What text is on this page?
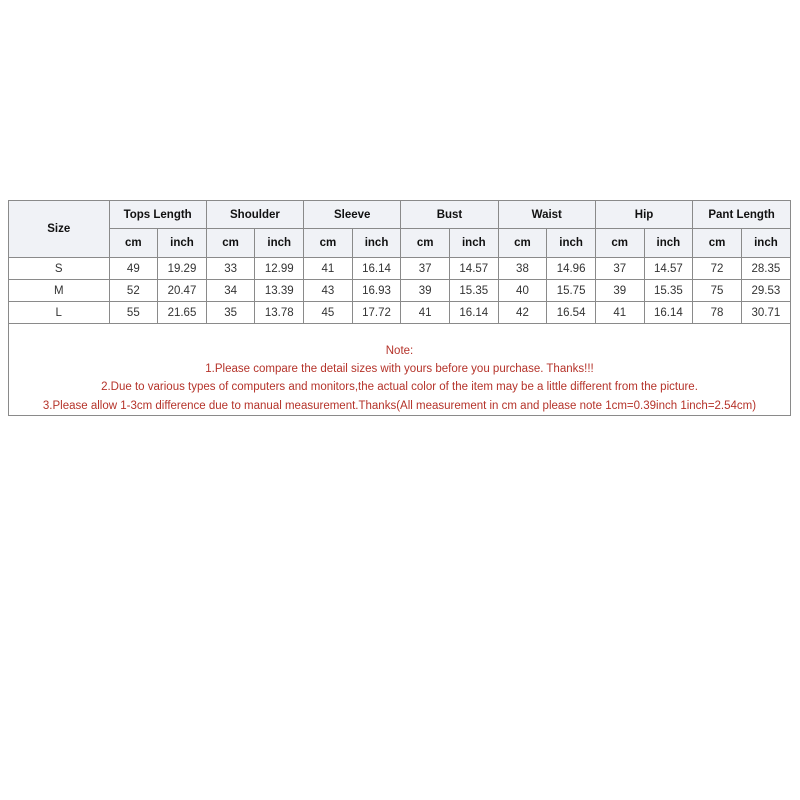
Size	Tops Length		Shoulder		Sleeve		Bust		Waist		Hip		Pant Length	
	cm	inch	cm	inch	cm	inch	cm	inch	cm	inch	cm	inch	cm	inch
S	49	19.29	33	12.99	41	16.14	37	14.57	38	14.96	37	14.57	72	28.35
M	52	20.47	34	13.39	43	16.93	39	15.35	40	15.75	39	15.35	75	29.53
L	55	21.65	35	13.78	45	17.72	41	16.14	42	16.54	41	16.14	78	30.71
Note:
1.Please compare the detail sizes with yours before you purchase. Thanks!!!
2.Due to various types of computers and monitors,the actual color of the item may be a little different from the picture.
3.Please allow 1-3cm difference due to manual measurement.Thanks(All measurement in cm and please note 1cm=0.39inch 1inch=2.54cm)
